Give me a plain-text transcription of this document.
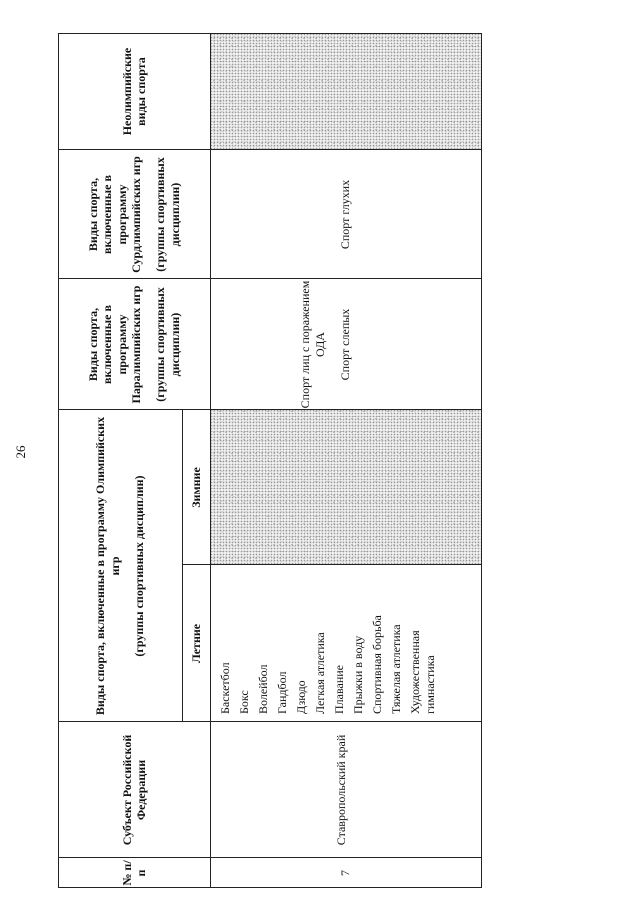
26
№ п/п
Субъект Российской Федерации
Виды спорта, включенные в программу Олимпийских игр (группы спортивных дисциплин)	Летние
Зимние
Виды спорта, включенные в программу Паралимпийских игр (группы спортивных дисциплин)
Виды спорта, включенные в программу Сурдлимпийских игр (группы спортивных дисциплин)
Неолимпийские виды спорта
7
Ставропольский край
Баскетбол Бокс Волейбол Гандбол Дзюдо Легкая атлетика Плавание Прыжки в воду Спортивная борьба Тяжелая атлетика Художественная гимнастика
Спорт лиц с поражением ОДА Спорт слепых
Спорт глухих
